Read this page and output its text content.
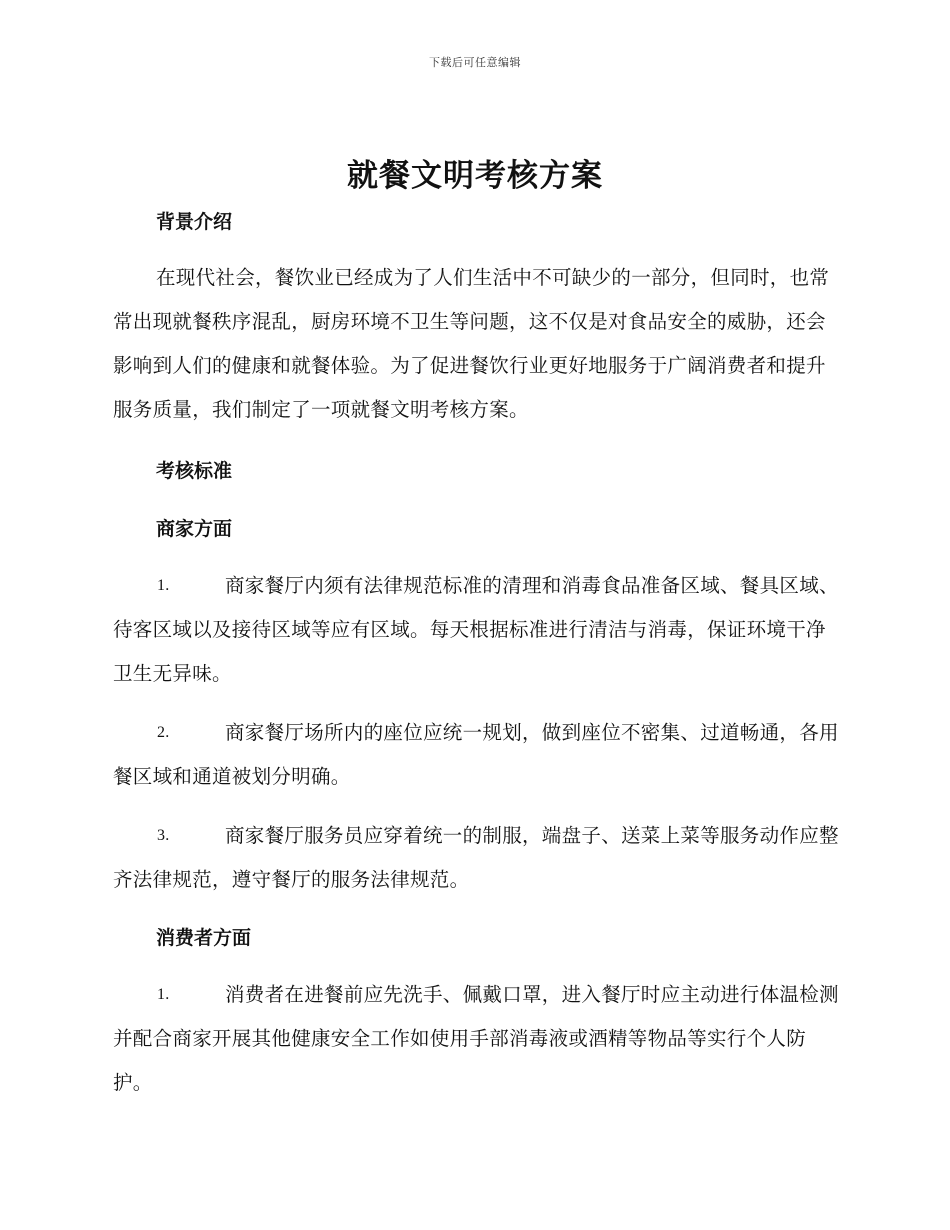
下载后可任意编辑
就餐文明考核方案
背景介绍
在现代社会，餐饮业已经成为了人们生活中不可缺少的一部分，但同时，也常常出现就餐秩序混乱，厨房环境不卫生等问题，这不仅是对食品安全的威胁，还会影响到人们的健康和就餐体验。为了促进餐饮行业更好地服务于广阔消费者和提升服务质量，我们制定了一项就餐文明考核方案。
考核标准
商家方面
1.	商家餐厅内须有法律规范标准的清理和消毒食品准备区域、餐具区域、待客区域以及接待区域等应有区域。每天根据标准进行清洁与消毒，保证环境干净卫生无异味。
2.	商家餐厅场所内的座位应统一规划，做到座位不密集、过道畅通，各用餐区域和通道被划分明确。
3.	商家餐厅服务员应穿着统一的制服，端盘子、送菜上菜等服务动作应整齐法律规范，遵守餐厅的服务法律规范。
消费者方面
1.	消费者在进餐前应先洗手、佩戴口罩，进入餐厅时应主动进行体温检测并配合商家开展其他健康安全工作如使用手部消毒液或酒精等物品等实行个人防护。
